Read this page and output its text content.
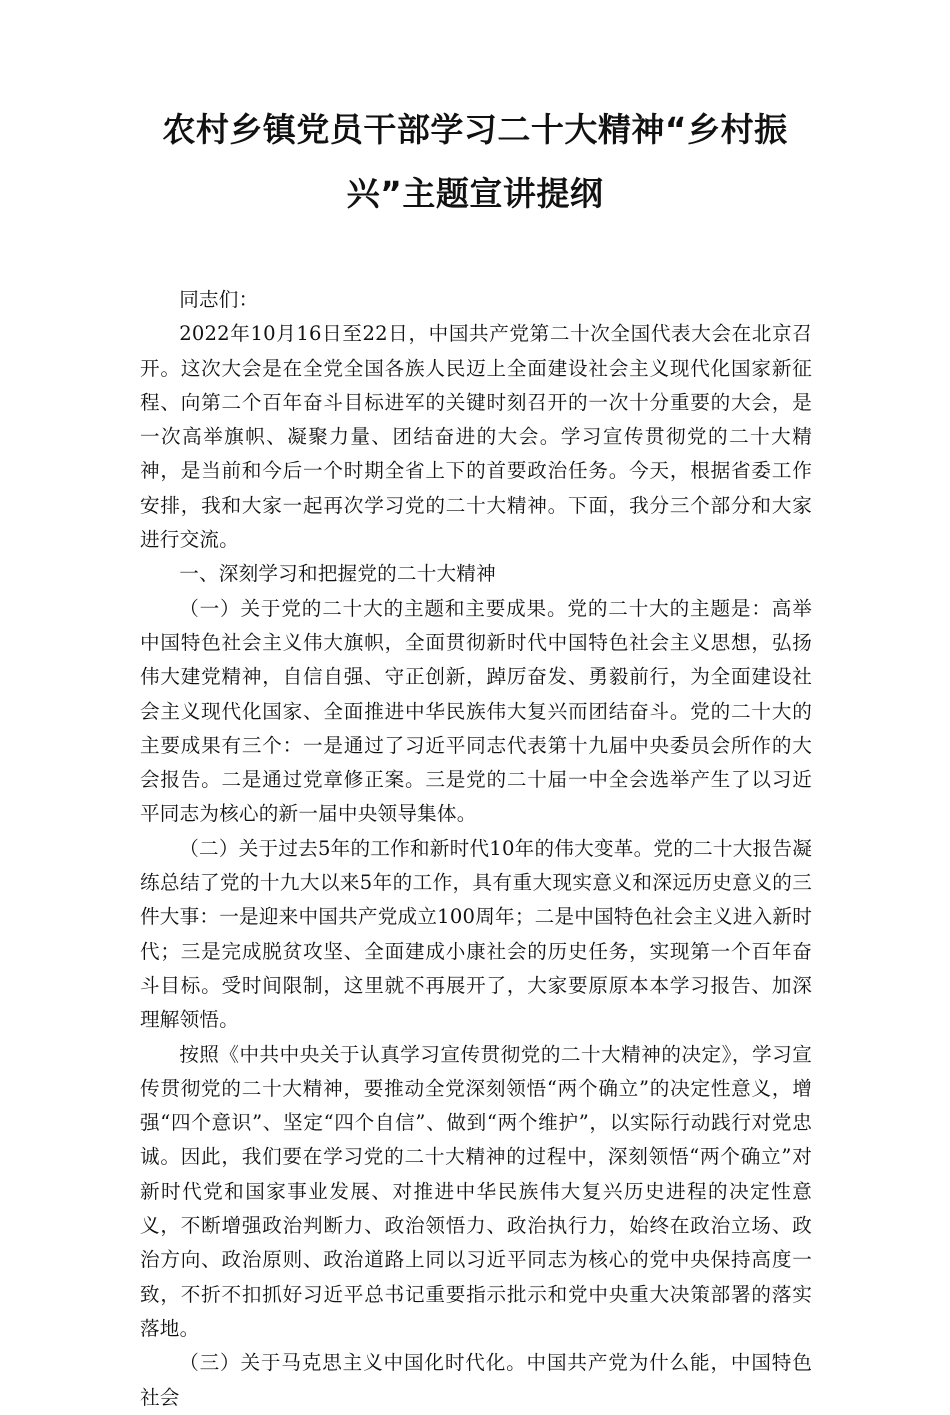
农村乡镇党员干部学习二十大精神“乡村振兴”主题宣讲提纲

同志们：

2022年10月16日至22日，中国共产党第二十次全国代表大会在北京召开。这次大会是在全党全国各族人民迈上全面建设社会主义现代化国家新征程、向第二个百年奋斗目标进军的关键时刻召开的一次十分重要的大会，是一次高举旗帜、凝聚力量、团结奋进的大会。学习宣传贯彻党的二十大精神，是当前和今后一个时期全省上下的首要政治任务。今天，根据省委工作安排，我和大家一起再次学习党的二十大精神。下面，我分三个部分和大家进行交流。

一、深刻学习和把握党的二十大精神

（一）关于党的二十大的主题和主要成果。党的二十大的主题是：高举中国特色社会主义伟大旗帜，全面贯彻新时代中国特色社会主义思想，弘扬伟大建党精神，自信自强、守正创新，踔厉奋发、勇毅前行，为全面建设社会主义现代化国家、全面推进中华民族伟大复兴而团结奋斗。党的二十大的主要成果有三个：一是通过了习近平同志代表第十九届中央委员会所作的大会报告。二是通过党章修正案。三是党的二十届一中全会选举产生了以习近平同志为核心的新一届中央领导集体。

（二）关于过去5年的工作和新时代10年的伟大变革。党的二十大报告凝练总结了党的十九大以来5年的工作，具有重大现实意义和深远历史意义的三件大事：一是迎来中国共产党成立100周年；二是中国特色社会主义进入新时代；三是完成脱贫攻坚、全面建成小康社会的历史任务，实现第一个百年奋斗目标。受时间限制，这里就不再展开了，大家要原原本本学习报告、加深理解领悟。

按照《中共中央关于认真学习宣传贯彻党的二十大精神的决定》，学习宣传贯彻党的二十大精神，要推动全党深刻领悟“两个确立”的决定性意义，增强“四个意识”、坚定“四个自信”、做到“两个维护”，以实际行动践行对党忠诚。因此，我们要在学习党的二十大精神的过程中，深刻领悟“两个确立”对新时代党和国家事业发展、对推进中华民族伟大复兴历史进程的决定性意义，不断增强政治判断力、政治领悟力、政治执行力，始终在政治立场、政治方向、政治原则、政治道路上同以习近平同志为核心的党中央保持高度一致，不折不扣抓好习近平总书记重要指示批示和党中央重大决策部署的落实落地。

（三）关于马克思主义中国化时代化。中国共产党为什么能，中国特色社会
